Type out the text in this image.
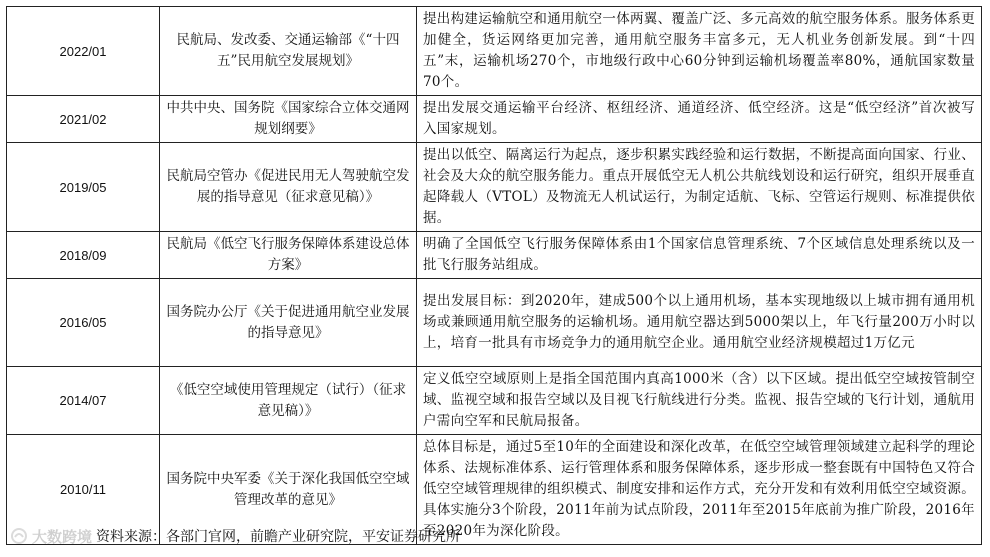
2022/01	民航局、发改委、交通运输部《“十四五”民用航空发展规划》	提出构建运输航空和通用航空一体两翼、覆盖广泛、多元高效的航空服务体系。服务体系更加健全，货运网络更加完善，通用航空服务丰富多元，无人机业务创新发展。到“十四五”末，运输机场270个，市地级行政中心60分钟到运输机场覆盖率80%，通航国家数量70个。
2021/02	中共中央、国务院《国家综合立体交通网规划纲要》	提出发展交通运输平台经济、枢纽经济、通道经济、低空经济。这是“低空经济”首次被写入国家规划。
2019/05	民航局空管办《促进民用无人驾驶航空发展的指导意见（征求意见稿）》	提出以低空、隔离运行为起点，逐步积累实践经验和运行数据，不断提高面向国家、行业、社会及大众的航空服务能力。重点开展低空无人机公共航线划设和运行研究，组织开展垂直起降载人（VTOL）及物流无人机试运行，为制定适航、飞标、空管运行规则、标准提供依据。
2018/09	民航局《低空飞行服务保障体系建设总体方案》	明确了全国低空飞行服务保障体系由1个国家信息管理系统、7个区域信息处理系统以及一批飞行服务站组成。
2016/05	国务院办公厅《关于促进通用航空业发展的指导意见》	提出发展目标：到2020年，建成500个以上通用机场，基本实现地级以上城市拥有通用机场或兼顾通用航空服务的运输机场。通用航空器达到5000架以上，年飞行量200万小时以上，培育一批具有市场竞争力的通用航空企业。通用航空业经济规模超过1万亿元
2014/07	《低空空域使用管理规定（试行）（征求意见稿）》	定义低空空域原则上是指全国范围内真高1000米（含）以下区域。提出低空空域按管制空域、监视空域和报告空域以及目视飞行航线进行分类。监视、报告空域的飞行计划，通航用户需向空军和民航局报备。
2010/11	国务院中央军委《关于深化我国低空空域管理改革的意见》	总体目标是，通过5至10年的全面建设和深化改革，在低空空域管理领域建立起科学的理论体系、法规标准体系、运行管理体系和服务保障体系，逐步形成一整套既有中国特色又符合低空空域管理规律的组织模式、制度安排和运作方式，充分开发和有效利用低空空域资源。具体实施分3个阶段，2011年前为试点阶段，2011年至2015年底前为推广阶段，2016年至2020年为深化阶段。
大数跨境 资料来源：各部门官网，前瞻产业研究院，平安证券研究所
